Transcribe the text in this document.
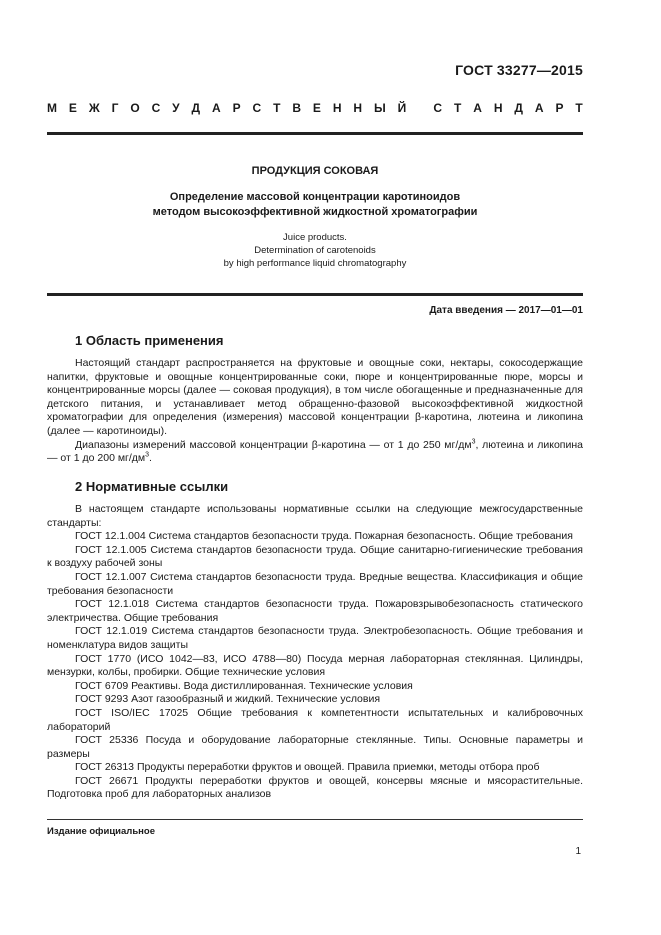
ГОСТ 33277—2015
М Е Ж Г О С У Д А Р С Т В Е Н Н Ы Й
С Т А Н Д А Р Т
ПРОДУКЦИЯ СОКОВАЯ
Определение массовой концентрации каротиноидов
методом высокоэффективной жидкостной хроматографии
Juice products.
Determination of carotenoids
by high performance liquid chromatography
Дата введения — 2017—01—01
1 Область применения

Настоящий стандарт распространяется на фруктовые и овощные соки, нектары, сокосодержащие напитки, фруктовые и овощные концентрированные соки, пюре и концентрированные пюре, морсы и концентрированные морсы (далее — соковая продукция), в том числе обогащенные и предназначенные для детского питания, и устанавливает метод обращенно-фазовой высокоэффективной жидкостной хроматографии для определения (измерения) массовой концентрации β-каротина, лютеина и ликопина (далее — каротиноиды).

Диапазоны измерений массовой концентрации β-каротина — от 1 до 250 $мг/дм^3$, лютеина и ликопина — от 1 до 200 $мг/дм^3$.

2 Нормативные ссылки

В настоящем стандарте использованы нормативные ссылки на следующие межгосударственные стандарты:

ГОСТ 12.1.004 Система стандартов безопасности труда. Пожарная безопасность. Общие требования

ГОСТ 12.1.005 Система стандартов безопасности труда. Общие санитарно-гигиенические требования к воздуху рабочей зоны

ГОСТ 12.1.007 Система стандартов безопасности труда. Вредные вещества. Классификация и общие требования безопасности

ГОСТ 12.1.018 Система стандартов безопасности труда. Пожаровзрывобезопасность статического электричества. Общие требования

ГОСТ 12.1.019 Система стандартов безопасности труда. Электробезопасность. Общие требования и номенклатура видов защиты

ГОСТ 1770 (ИСО 1042—83, ИСО 4788—80) Посуда мерная лабораторная стеклянная. Цилиндры, мензурки, колбы, пробирки. Общие технические условия

ГОСТ 6709 Реактивы. Вода дистиллированная. Технические условия

ГОСТ 9293 Азот газообразный и жидкий. Технические условия

ГОСТ ISO/IEC 17025 Общие требования к компетентности испытательных и калибровочных лабораторий

ГОСТ 25336 Посуда и оборудование лабораторные стеклянные. Типы. Основные параметры и размеры

ГОСТ 26313 Продукты переработки фруктов и овощей. Правила приемки, методы отбора проб

ГОСТ 26671 Продукты переработки фруктов и овощей, консервы мясные и мясорастительные. Подготовка проб для лабораторных анализов

Издание официальное
1
